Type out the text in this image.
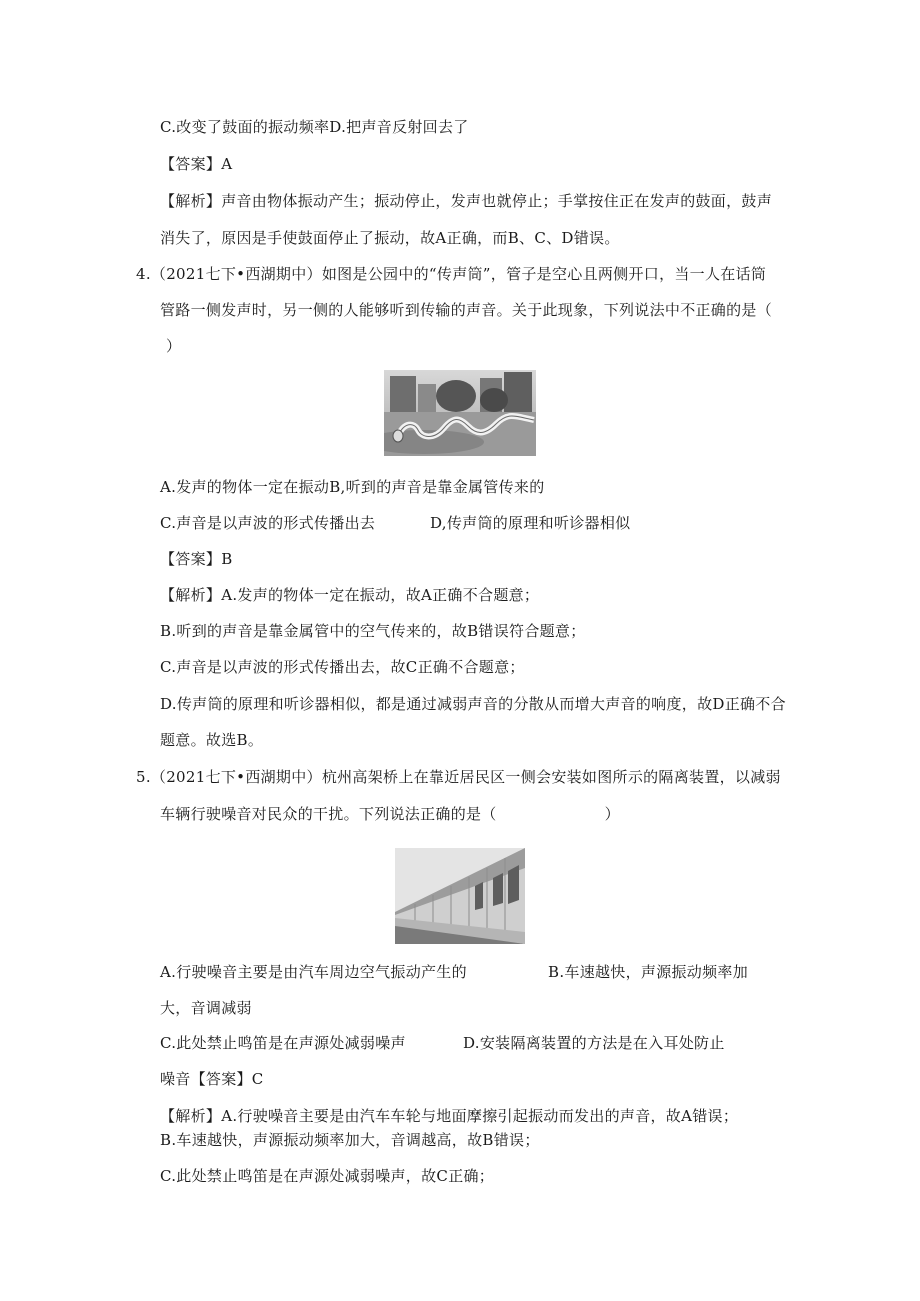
C.改变了鼓面的振动频率D.把声音反射回去了
【答案】A
【解析】声音由物体振动产生；振动停止，发声也就停止；手掌按住正在发声的鼓面，鼓声
消失了，原因是手使鼓面停止了振动，故A正确，而B、C、D错误。
4.（2021七下•西湖期中）如图是公园中的“传声筒”，管子是空心且两侧开口，当一人在话筒
管路一侧发声时，另一侧的人能够听到传输的声音。关于此现象，下列说法中不正确的是（
）
A.发声的物体一定在振动B,听到的声音是靠金属管传来的
C.声音是以声波的形式传播出去	D,传声筒的原理和听诊器相似
【答案】B
【解析】A.发声的物体一定在振动，故A正确不合题意；
B.听到的声音是靠金属管中的空气传来的，故B错误符合题意；
C.声音是以声波的形式传播出去，故C正确不合题意；
D.传声筒的原理和听诊器相似，都是通过减弱声音的分散从而增大声音的响度，故D正确不合
题意。故选B。
5.（2021七下•西湖期中）杭州高架桥上在靠近居民区一侧会安装如图所示的隔离装置，以减弱
车辆行驶噪音对民众的干扰。下列说法正确的是（	）
A.行驶噪音主要是由汽车周边空气振动产生的	B.车速越快，声源振动频率加
大，音调减弱
C.此处禁止鸣笛是在声源处减弱噪声	D.安装隔离装置的方法是在入耳处防止
噪音【答案】C
【解析】A.行驶噪音主要是由汽车车轮与地面摩擦引起振动而发出的声音，故A错误；
B.车速越快，声源振动频率加大，音调越高，故B错误；
C.此处禁止鸣笛是在声源处减弱噪声，故C正确；
